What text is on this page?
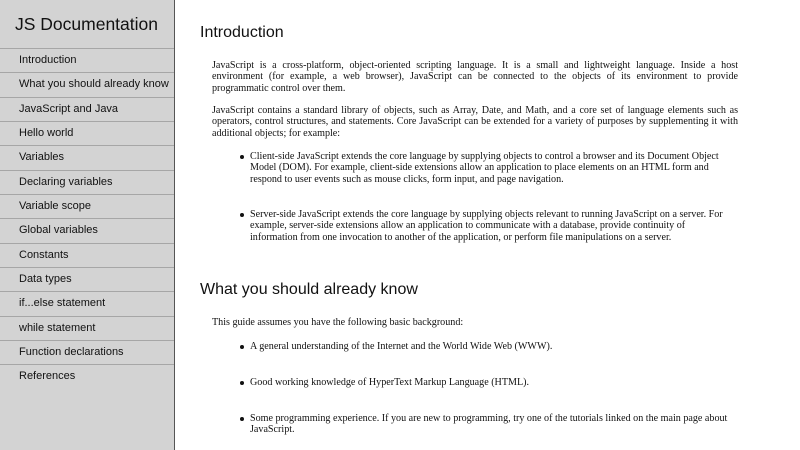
JS Documentation
Introduction
What you should already know
JavaScript and Java
Hello world
Variables
Declaring variables
Variable scope
Global variables
Constants
Data types
if...else statement
while statement
Function declarations
References
Introduction

JavaScript is a cross-platform, object-oriented scripting language. It is a small and lightweight language. Inside a host environment (for example, a web browser), JavaScript can be connected to the objects of its environment to provide programmatic control over them.

JavaScript contains a standard library of objects, such as Array, Date, and Math, and a core set of language elements such as operators, control structures, and statements. Core JavaScript can be extended for a variety of purposes by supplementing it with additional objects; for example:

Client-side JavaScript extends the core language by supplying objects to control a browser and its Document Object Model (DOM). For example, client-side extensions allow an application to place elements on an HTML form and respond to user events such as mouse clicks, form input, and page navigation.

Server-side JavaScript extends the core language by supplying objects relevant to running JavaScript on a server. For example, server-side extensions allow an application to communicate with a database, provide continuity of information from one invocation to another of the application, or perform file manipulations on a server.

What you should already know

This guide assumes you have the following basic background:

A general understanding of the Internet and the World Wide Web (WWW).

Good working knowledge of HyperText Markup Language (HTML).

Some programming experience. If you are new to programming, try one of the tutorials linked on the main page about JavaScript.
